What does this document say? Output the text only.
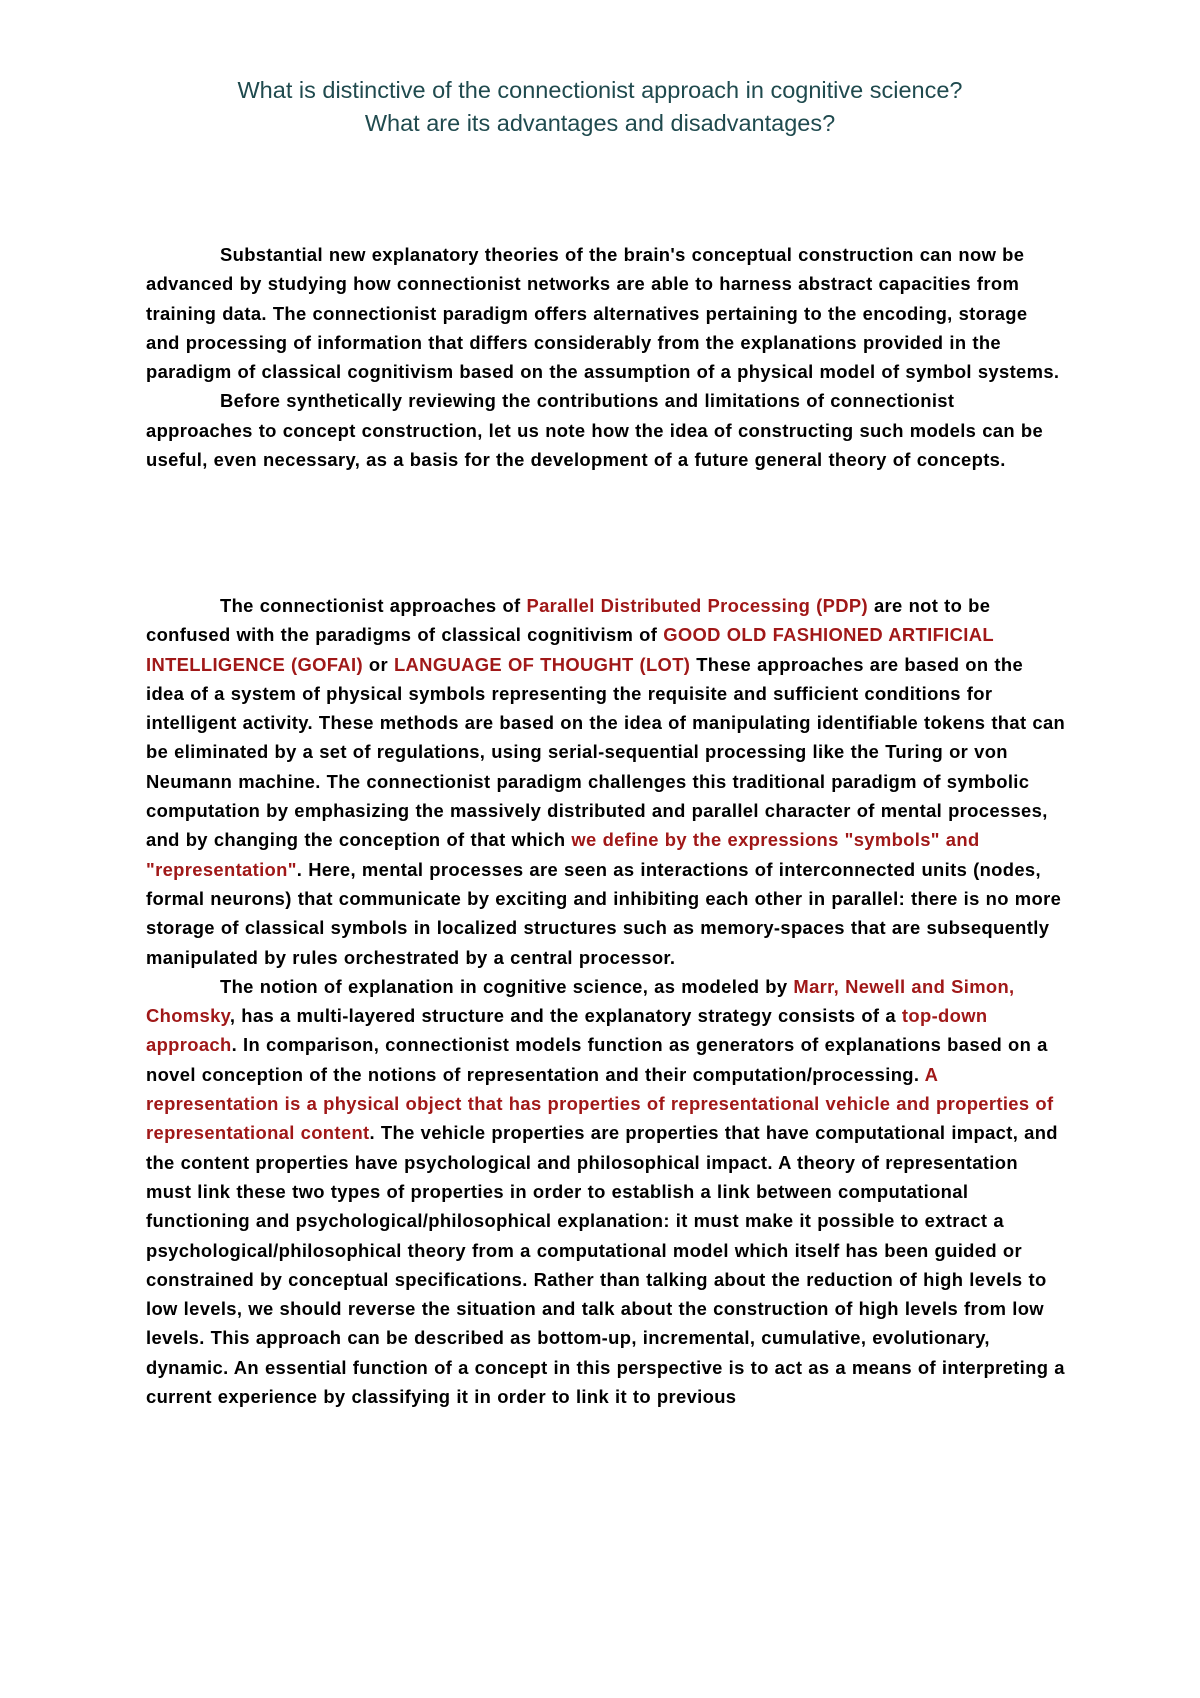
What is distinctive of the connectionist approach in cognitive science?
What are its advantages and disadvantages?

Substantial new explanatory theories of the brain's conceptual construction can now be advanced by studying how connectionist networks are able to harness abstract capacities from training data. The connectionist paradigm offers alternatives pertaining to the encoding, storage and processing of information that differs considerably from the explanations provided in the paradigm of classical cognitivism based on the assumption of a physical model of symbol systems.

Before synthetically reviewing the contributions and limitations of connectionist approaches to concept construction, let us note how the idea of constructing such models can be useful, even necessary, as a basis for the development of a future general theory of concepts.

The connectionist approaches of Parallel Distributed Processing (PDP) are not to be confused with the paradigms of classical cognitivism of GOOD OLD FASHIONED ARTIFICIAL INTELLIGENCE (GOFAI) or LANGUAGE OF THOUGHT (LOT) These approaches are based on the idea of a system of physical symbols representing the requisite and sufficient conditions for intelligent activity. These methods are based on the idea of manipulating identifiable tokens that can be eliminated by a set of regulations, using serial-sequential processing like the Turing or von Neumann machine. The connectionist paradigm challenges this traditional paradigm of symbolic computation by emphasizing the massively distributed and parallel character of mental processes, and by changing the conception of that which we define by the expressions "symbols" and "representation". Here, mental processes are seen as interactions of interconnected units (nodes, formal neurons) that communicate by exciting and inhibiting each other in parallel: there is no more storage of classical symbols in localized structures such as memory-spaces that are subsequently manipulated by rules orchestrated by a central processor.

The notion of explanation in cognitive science, as modeled by Marr, Newell and Simon, Chomsky, has a multi-layered structure and the explanatory strategy consists of a top-down approach. In comparison, connectionist models function as generators of explanations based on a novel conception of the notions of representation and their computation/processing. A representation is a physical object that has properties of representational vehicle and properties of representational content. The vehicle properties are properties that have computational impact, and the content properties have psychological and philosophical impact. A theory of representation must link these two types of properties in order to establish a link between computational functioning and psychological/philosophical explanation: it must make it possible to extract a psychological/philosophical theory from a computational model which itself has been guided or constrained by conceptual specifications. Rather than talking about the reduction of high levels to low levels, we should reverse the situation and talk about the construction of high levels from low levels. This approach can be described as bottom-up, incremental, cumulative, evolutionary, dynamic. An essential function of a concept in this perspective is to act as a means of interpreting a current experience by classifying it in order to link it to previous
